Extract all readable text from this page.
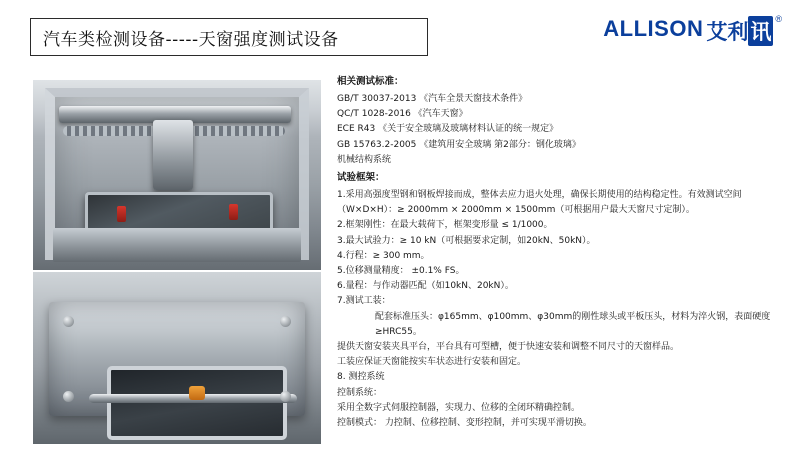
汽车类检测设备-----天窗强度测试设备	ALLISON 艾利讯
®

相关测试标准：

GB/T 30037-2013 《汽车全景天窗技术条件》

QC/T 1028-2016 《汽车天窗》

ECE R43 《关于安全玻璃及玻璃材料认证的统一规定》

GB 15763.2-2005 《建筑用安全玻璃 第2部分：钢化玻璃》

机械结构系统

试验框架：

1.采用高强度型钢和钢板焊接而成，整体去应力退火处理，确保长期使用的结构稳定性。有效测试空间（W×D×H）：≥ 2000mm × 2000mm × 1500mm（可根据用户最大天窗尺寸定制）。

2.框架刚性：在最大载荷下，框架变形量 ≤ 1/1000。

3.最大试验力：≥ 10 kN（可根据要求定制，如20kN、50kN）。

4.行程：≥ 300 mm。

5.位移测量精度： ±0.1% FS。

6.量程：与作动器匹配（如10kN、20kN）。

7.测试工装：

配套标准压头：φ165mm、φ100mm、φ30mm的刚性球头或平板压头，材料为淬火钢，表面硬度≥HRC55。

提供天窗安装夹具平台，平台具有可型槽，便于快速安装和调整不同尺寸的天窗样品。

工装应保证天窗能按实车状态进行安装和固定。

8. 测控系统

控制系统：

采用全数字式伺服控制器，实现力、位移的全闭环精确控制。

控制模式： 力控制、位移控制、变形控制，并可实现平滑切换。
